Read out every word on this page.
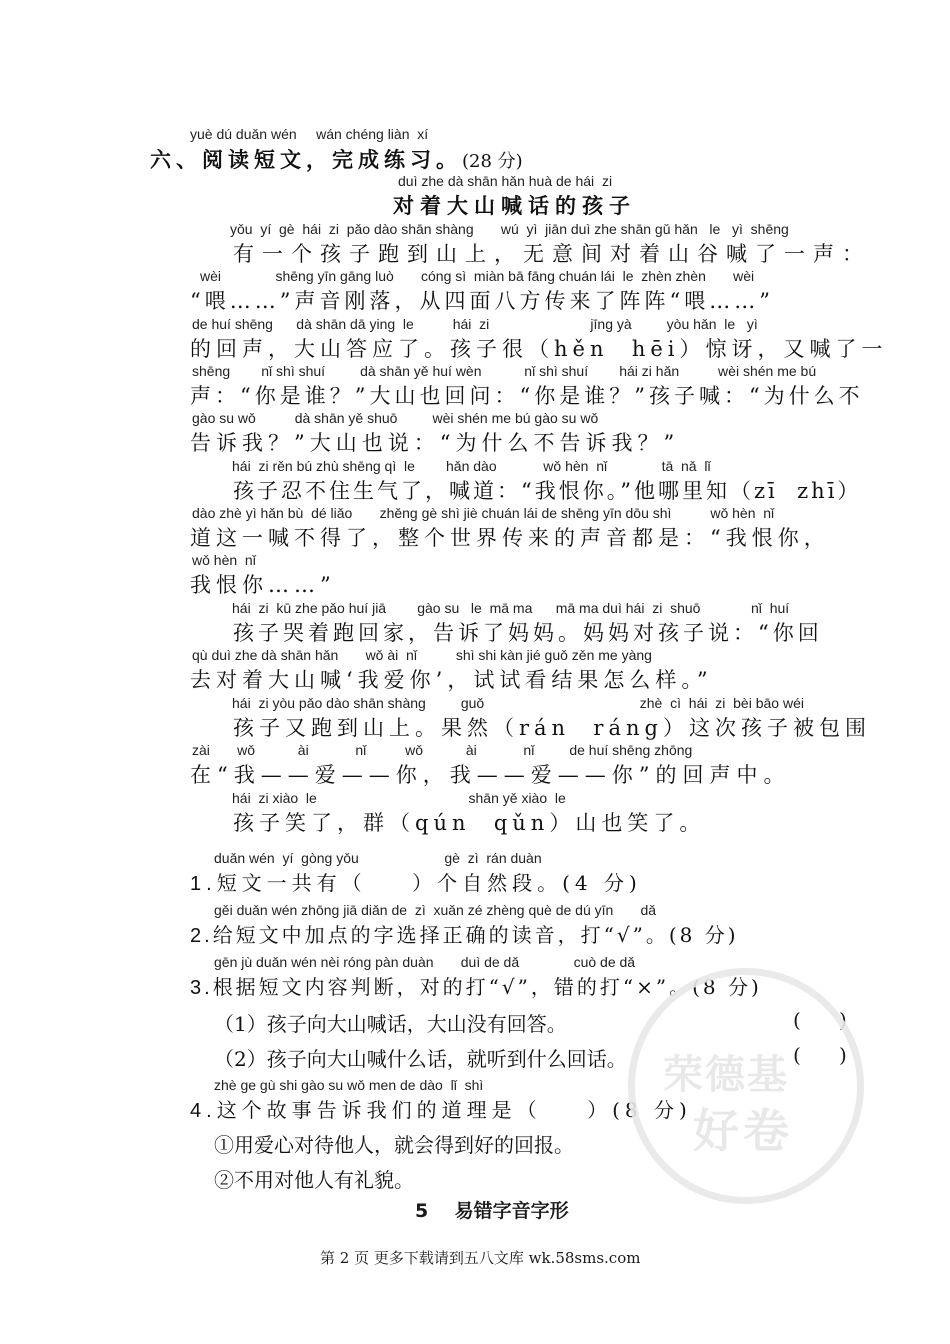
yuè dú duǎn wén     wán chéng liàn  xí
六、阅读短文，完成练习。(28 分)
duì zhe dà shān hǎn huà de hái  zi
对着大山喊话的孩子
yǒu  yí  gè  hái  zi  pǎo dào shān shàng       wú  yì  jiān duì zhe shān gǔ hǎn   le   yì  shēng
有一个孩子跑到山上，无意间对着山谷喊了一声：
wèi              shēng yīn gāng luò       cóng sì  miàn bā fāng chuán lái  le  zhèn zhèn       wèi
“喂……”声音刚落，从四面八方传来了阵阵“喂……”
de huí shēng      dà shān dā ying  le          hái  zi                          jīng yà         yòu hǎn  le   yì
的回声，大山答应了。孩子很（hěn  hēi）惊讶，又喊了一
shēng        nǐ shì shuí         dà shān yě huí wèn           nǐ shì shuí        hái zi hǎn          wèi shén me bú
声：“你是谁？”大山也回问：“你是谁？”孩子喊：“为什么不
gào su wǒ          dà shān yě shuō         wèi shén me bú gào su wǒ
告诉我？”大山也说：“为什么不告诉我？”
hái  zi rěn bú zhù shēng qì  le        hǎn dào            wǒ hèn  nǐ              tā  nǎ  lǐ
孩子忍不住生气了，喊道：“我恨你。”他哪里知（zī  zhī）
dào zhè yì hǎn bù  dé liǎo       zhěng gè shì jiè chuán lái de shēng yīn dōu shì          wǒ hèn  nǐ
道这一喊不得了，整个世界传来的声音都是：“我恨你，
wǒ hèn  nǐ
我恨你……”
hái  zi  kū zhe pǎo huí jiā        gào su   le  mā ma      mā ma duì hái  zi  shuō             nǐ  huí
孩子哭着跑回家，告诉了妈妈。妈妈对孩子说：“你回
qù duì zhe dà shān hǎn       wǒ ài  nǐ          shì shi kàn jié guǒ zěn me yàng
去对着大山喊‘我爱你’，试试看结果怎么样。”
hái  zi yòu pǎo dào shān shàng         guǒ                                        zhè  cì  hái  zi  bèi bāo wéi
孩子又跑到山上。果然（rán  ráng）这次孩子被包围
zài       wǒ           ài            nǐ          wǒ           ài            nǐ         de huí shēng zhōng
在“我——爱——你，我——爱——你”的回声中。
hái  zi xiào  le                                       shān yě xiào  le
孩子笑了，群（qún  qǔn）山也笑了。
duǎn wén  yí  gòng yǒu                      gè  zì  rán duàn
1.短文一共有（    ）个自然段。(4 分)
gěi duǎn wén zhōng jiā diǎn de  zì  xuǎn zé zhèng què de dú yīn       dǎ
2.给短文中加点的字选择正确的读音，打“√”。(8 分)
gēn jù duǎn wén nèi róng pàn duàn       duì de dǎ              cuò de dǎ
3.根据短文内容判断，对的打“√”，错的打“×”。(8 分)
（1）孩子向大山喊话，大山没有回答。	(      )
（2）孩子向大山喊什么话，就听到什么回话。	(      )
zhè ge gù shi gào su wǒ men de dào  lǐ  shì
4.这个故事告诉我们的道理是（    ）(8 分)
①用爱心对待他人，就会得到好的回报。
②不用对他人有礼貌。
荣德基
好卷
5    易错字音字形
第 2 页 更多下载请到五八文库 wk.58sms.com
